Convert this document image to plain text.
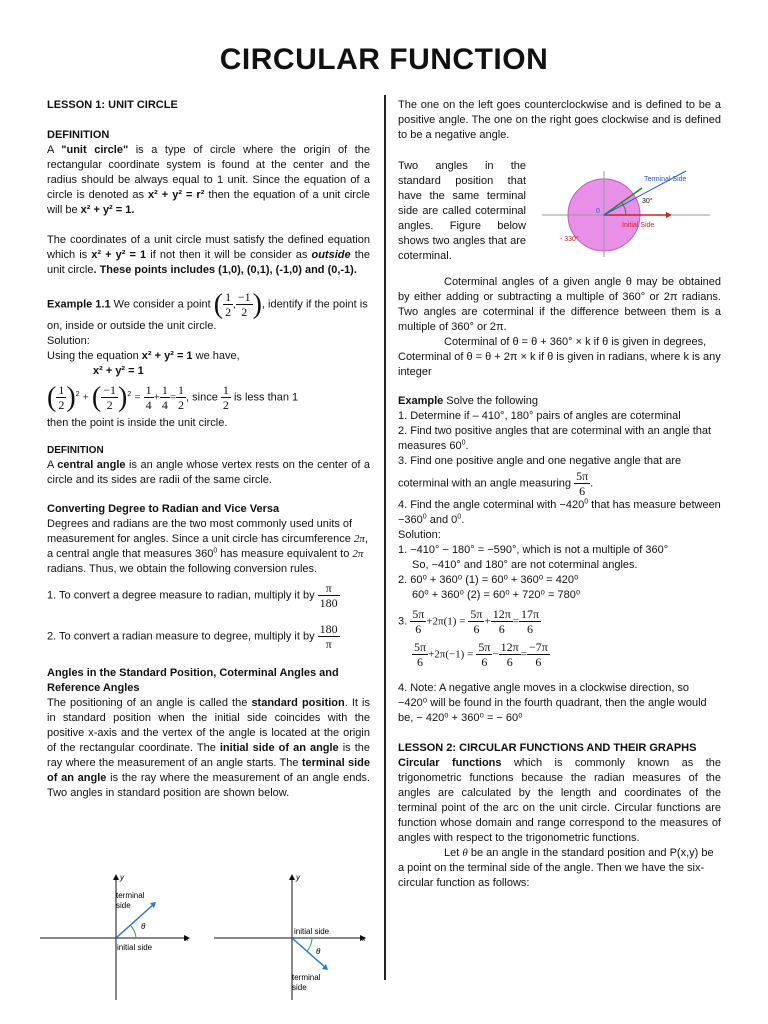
CIRCULAR FUNCTION

LESSON 1: UNIT CIRCLE

DEFINITION

A "unit circle" is a type of circle where the origin of the rectangular coordinate system is found at the center and the radius should be always equal to 1 unit. Since the equation of a circle is denoted as x² + y² = r² then the equation of a unit circle will be x² + y² = 1.

The coordinates of a unit circle must satisfy the defined equation which is x² + y² = 1 if not then it will be consider as outside the unit circle. These points includes (1,0), (0,1), (-1,0) and (0,-1).

Example 1.1 We consider a point ( $\frac{1}{2}$ , $\frac{-1}{2}$ ), identify if the point is on, inside or outside the unit circle.

Solution:

Using the equation x² + y² = 1 we have,

x² + y² = 1

( $\frac{1}{2} )^2$ + ( $\frac{-1}{2} )^2 = \frac{1}{4} + \frac{1}{4} = \frac{1}{2}$ , since $\frac{1}{2}$ is less than 1

then the point is inside the unit circle.

DEFINITION

A central angle is an angle whose vertex rests on the center of a circle and its sides are radii of the same circle.

Converting Degree to Radian and Vice Versa

Degrees and radians are the two most commonly used units of measurement for angles. Since a unit circle has circumference 2π, a central angle that measures $360^0$ has measure equivalent to 2π radians. Thus, we obtain the following conversion rules.

1. To convert a degree measure to radian, multiply it by $\frac{\pi}{180}$

2. To convert a radian measure to degree, multiply it by $\frac{180}{\pi}$

Angles in the Standard Position, Coterminal Angles and Reference Angles

The positioning of an angle is called the standard position. It is in standard position when the initial side coincides with the positive x-axis and the vertex of the angle is located at the origin of the rectangular coordinate. The initial side of an angle is the ray where the measurement of an angle starts. The terminal side of an angle is the ray where the measurement of an angle ends. Two angles in standard position are shown below.

y
x
terminal
side
θ
initial side
y
x
initial side
θ
terminal
side

The one on the left goes counterclockwise and is defined to be a positive angle. The one on the right goes clockwise and is defined to be a negative angle.

Two angles in the standard position that have the same terminal side are called coterminal angles. Figure below shows two angles that are coterminal.

Terminal Side
30°
0
Initial Side
- 330°

Coterminal angles of a given angle θ may be obtained by either adding or subtracting a multiple of 360° or 2π radians. Two angles are coterminal if the difference between them is a multiple of 360° or 2π.

Coterminal of θ = θ + 360° × k if θ is given in degrees, Coterminal of θ = θ + 2π × k if θ is given in radians, where k is any integer

Example Solve the following

1. Determine if – 410°, 180° pairs of angles are coterminal

2. Find two positive angles that are coterminal with an angle that measures $60^0$.

3. Find one positive angle and one negative angle that are coterminal with an angle measuring $\frac{5\pi}{6}$ .

4. Find the angle coterminal with $-420^0$ that has measure between $-360^0$ and $0^0$.

Solution:

1. −410° − 180° = −590°, which is not a multiple of 360°

So, −410° and 180° are not coterminal angles.

2. 60⁰ + 360⁰ (1) = 60⁰ + 360⁰ = 420⁰

60⁰ + 360⁰ (2) = 60⁰ + 720⁰ = 780⁰

3. $\frac{5\pi}{6} +2\pi(1) = \frac{5\pi}{6} + \frac{12\pi}{6} = \frac{17\pi}{6}$
$\frac{5\pi}{6} +2\pi(-1) = \frac{5\pi}{6} - \frac{12\pi}{6} = \frac{-7\pi}{6}$

4. Note: A negative angle moves in a clockwise direction, so −420⁰ will be found in the fourth quadrant, then the angle would be, − 420⁰ + 360⁰ = − 60⁰

LESSON 2: CIRCULAR FUNCTIONS AND THEIR GRAPHS

Circular functions which is commonly known as the trigonometric functions because the radian measures of the angles are calculated by the length and coordinates of the terminal point of the arc on the unit circle. Circular functions are function whose domain and range correspond to the measures of angles with respect to the trigonometric functions.

Let θ be an angle in the standard position and P(x,y) be a point on the terminal side of the angle. Then we have the six-circular function as follows:
